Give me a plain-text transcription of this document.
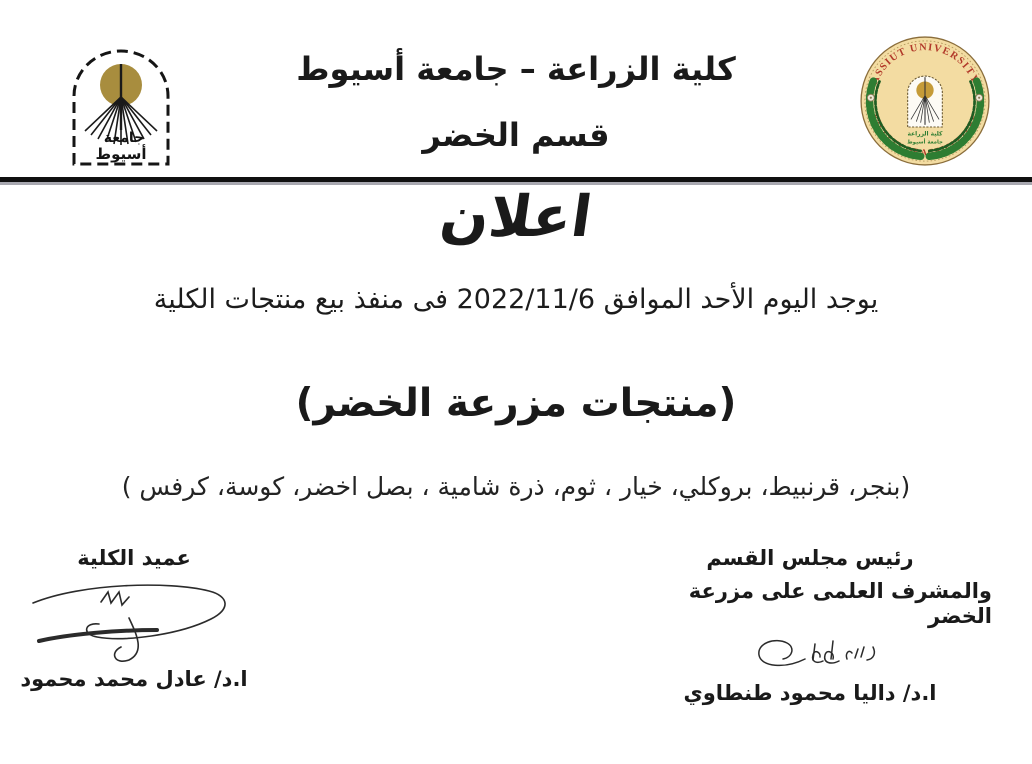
جامعة
أسيوط
كلية الزراعة – جامعة أسيوط
قسم الخضر
ASSIUT UNIVERSITY
FACULTY OF AGRICULTURE
كلية الزراعة
جامعة أسيوط
اعلان
يوجد اليوم الأحد الموافق 2022/11/6 فى منفذ بيع منتجات الكلية
(منتجات مزرعة الخضر)
(بنجر، قرنبيط، بروكلي، خيار ، ثوم، ذرة شامية ، بصل اخضر، كوسة، كرفس )
رئيس مجلس القسم
والمشرف العلمى على مزرعة الخضر
ا.د/ داليا محمود طنطاوي
عميد الكلية
ا.د/ عادل محمد محمود
